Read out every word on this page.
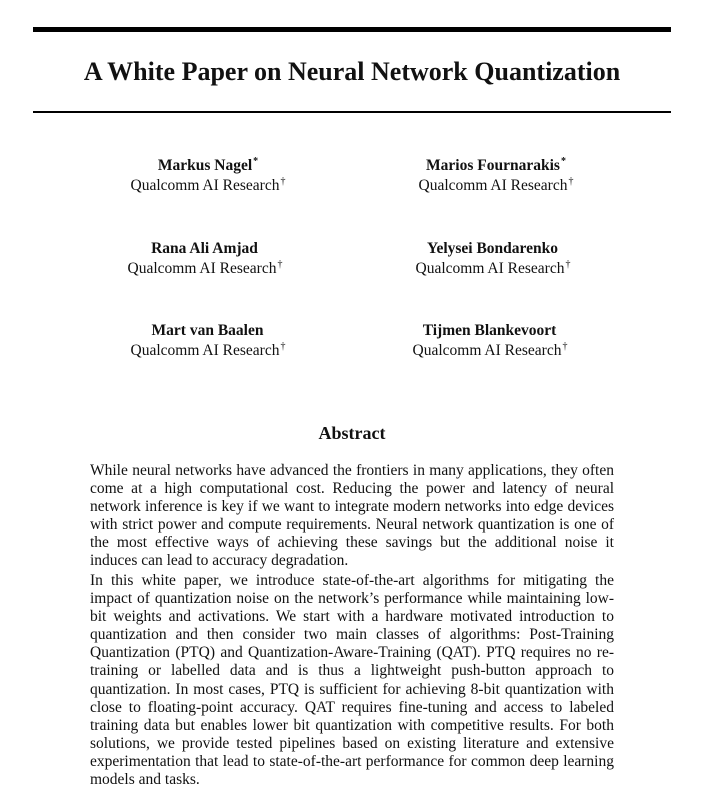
A White Paper on Neural Network Quantization
Markus Nagel*
Qualcomm AI Research†
Marios Fournarakis*
Qualcomm AI Research†
Rana Ali Amjad
Qualcomm AI Research†
Yelysei Bondarenko
Qualcomm AI Research†
Mart van Baalen
Qualcomm AI Research†
Tijmen Blankevoort
Qualcomm AI Research†
Abstract

While neural networks have advanced the frontiers in many applications, they often come at a high computational cost. Reducing the power and latency of neural network inference is key if we want to integrate modern networks into edge devices with strict power and compute requirements. Neural network quantization is one of the most effective ways of achieving these savings but the additional noise it induces can lead to accuracy degradation.

In this white paper, we introduce state-of-the-art algorithms for mitigating the impact of quantization noise on the network’s performance while maintaining low-bit weights and activations. We start with a hardware motivated introduction to quantization and then consider two main classes of algorithms: Post-Training Quantization (PTQ) and Quantization-Aware-Training (QAT). PTQ requires no re-training or labelled data and is thus a lightweight push-button approach to quantization. In most cases, PTQ is sufficient for achieving 8-bit quantization with close to floating-point accuracy. QAT requires fine-tuning and access to labeled training data but enables lower bit quantization with competitive results. For both solutions, we provide tested pipelines based on existing literature and extensive experimentation that lead to state-of-the-art performance for common deep learning models and tasks.
